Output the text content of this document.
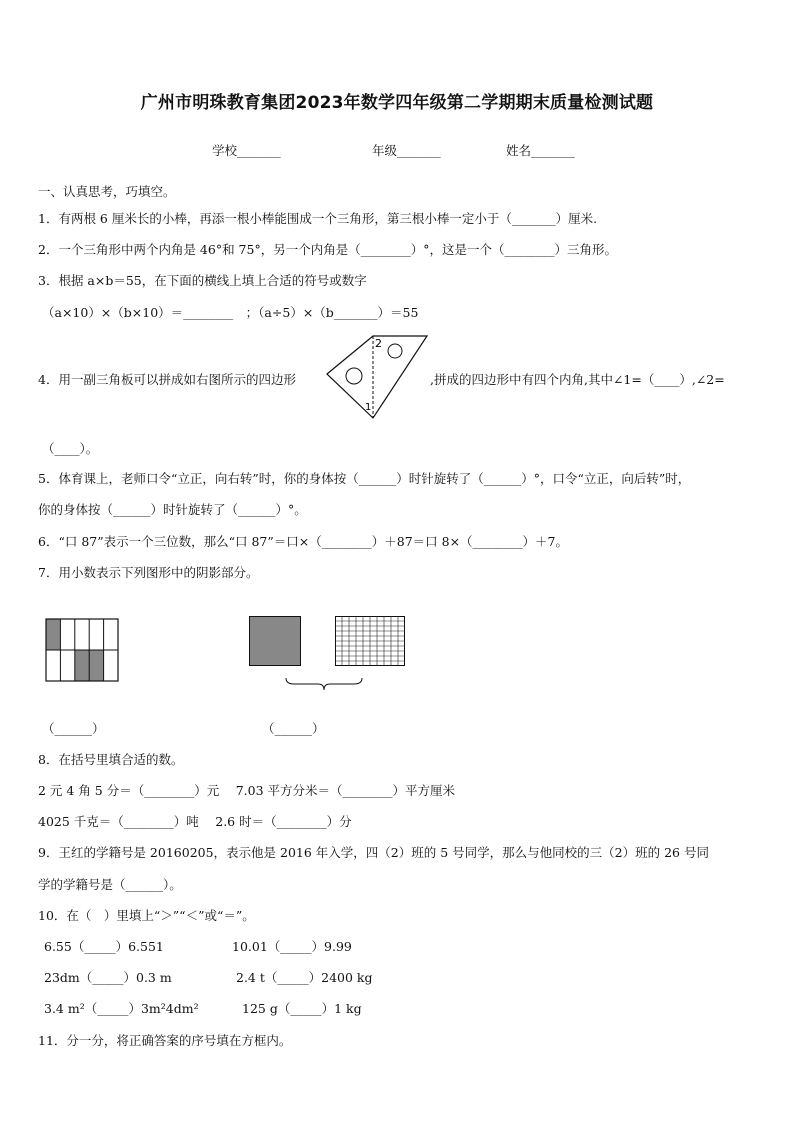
广州市明珠教育集团2023年数学四年级第二学期期末质量检测试题
学校_______	年级_______	姓名_______
一、认真思考，巧填空。
1．有两根 6 厘米长的小棒，再添一根小棒能围成一个三角形，第三根小棒一定小于（_______）厘米.
2．一个三角形中两个内角是 46°和 75°，另一个内角是（________）°，这是一个（________）三角形。
3．根据 a×b＝55，在下面的横线上填上合适的符号或数字
（a×10）×（b×10）＝________　；（a÷5）×（b_______）＝55
4．用一副三角板可以拼成如右图所示的四边形
2
1
,拼成的四边形中有四个内角,其中∠1=（____）,∠2=
（____）。
5．体育课上，老师口令“立正，向右转”时，你的身体按（______）时针旋转了（______）°，口令“立正，向后转”时，
你的身体按（______）时针旋转了（______）°。
6．“口 87”表示一个三位数，那么“口 87”＝口×（________）＋87＝口 8×（________）＋7。
7．用小数表示下列图形中的阴影部分。
（______）	（______）
8．在括号里填合适的数。
2 元 4 角 5 分＝（________）元　 7.03 平方分米＝（________）平方厘米
4025 千克＝（________）吨　 2.6 时＝（________）分
9．王红的学籍号是 20160205，表示他是 2016 年入学，四（2）班的 5 号同学，那么与他同校的三（2）班的 26 号同
学的学籍号是（______）。
10．在（　）里填上“＞”“＜”或“＝”。
6.55（_____）6.551	10.01（_____）9.99
23dm（_____）0.3 m	2.4 t（_____）2400 kg
3.4 m²（_____）3m²4dm²	125 g（_____）1 kg
11．分一分，将正确答案的序号填在方框内。
